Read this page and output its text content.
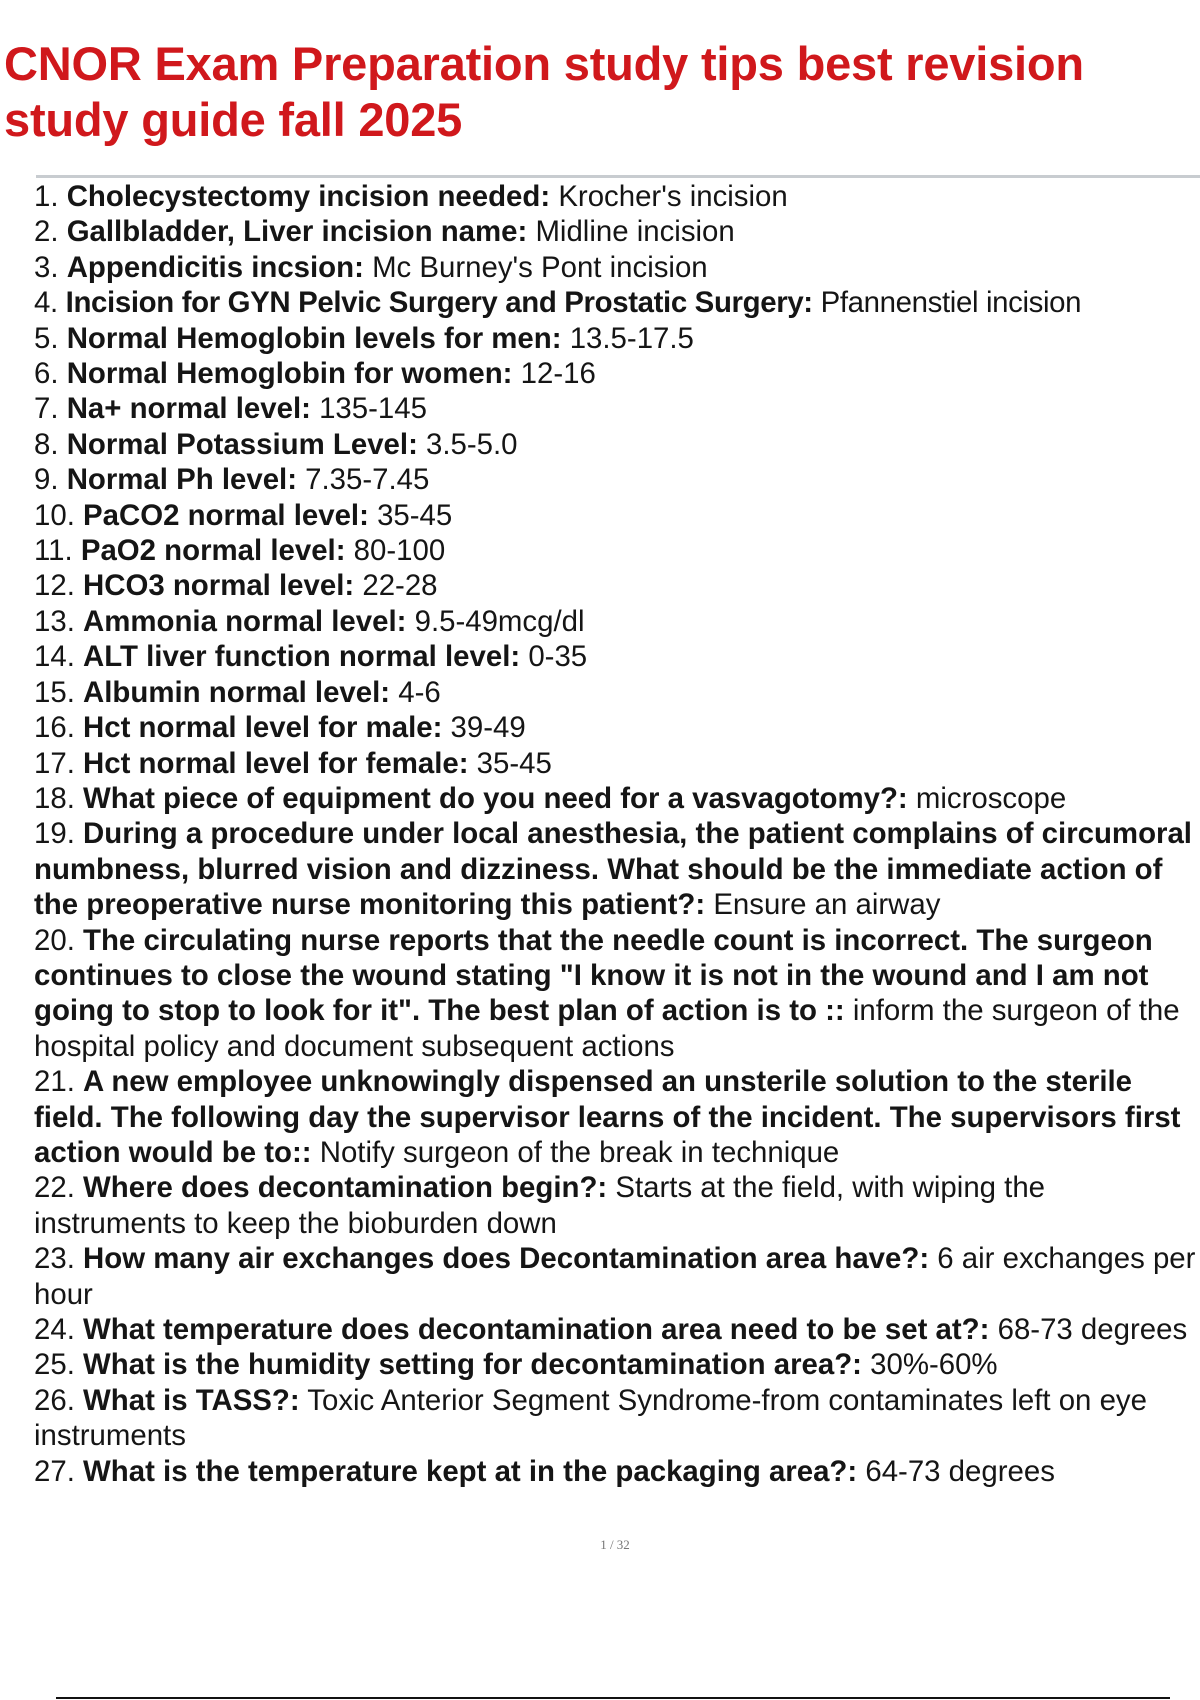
CNOR Exam Preparation study tips best revision study guide fall 2025
1. Cholecystectomy incision needed: Krocher's incision
2. Gallbladder, Liver incision name: Midline incision
3. Appendicitis incsion: Mc Burney's Pont incision
4. Incision for GYN Pelvic Surgery and Prostatic Surgery: Pfannenstiel incision
5. Normal Hemoglobin levels for men: 13.5-17.5
6. Normal Hemoglobin for women: 12-16
7. Na+ normal level: 135-145
8. Normal Potassium Level: 3.5-5.0
9. Normal Ph level: 7.35-7.45
10. PaCO2 normal level: 35-45
11. PaO2 normal level: 80-100
12. HCO3 normal level: 22-28
13. Ammonia normal level: 9.5-49mcg/dl
14. ALT liver function normal level: 0-35
15. Albumin normal level: 4-6
16. Hct normal level for male: 39-49
17. Hct normal level for female: 35-45
18. What piece of equipment do you need for a vasvagotomy?: microscope
19. During a procedure under local anesthesia, the patient complains of circumoral numbness, blurred vision and dizziness. What should be the immediate action of the preoperative nurse monitoring this patient?: Ensure an airway
20. The circulating nurse reports that the needle count is incorrect. The surgeon continues to close the wound stating "I know it is not in the wound and I am not going to stop to look for it". The best plan of action is to :: inform the surgeon of the hospital policy and document subsequent actions
21. A new employee unknowingly dispensed an unsterile solution to the sterile field. The following day the supervisor learns of the incident. The supervisors first action would be to:: Notify surgeon of the break in technique
22. Where does decontamination begin?: Starts at the field, with wiping the instruments to keep the bioburden down
23. How many air exchanges does Decontamination area have?: 6 air exchanges per hour
24. What temperature does decontamination area need to be set at?: 68-73 degrees
25. What is the humidity setting for decontamination area?: 30%-60%
26. What is TASS?: Toxic Anterior Segment Syndrome-from contaminates left on eye instruments
27. What is the temperature kept at in the packaging area?: 64-73 degrees
1 / 32
